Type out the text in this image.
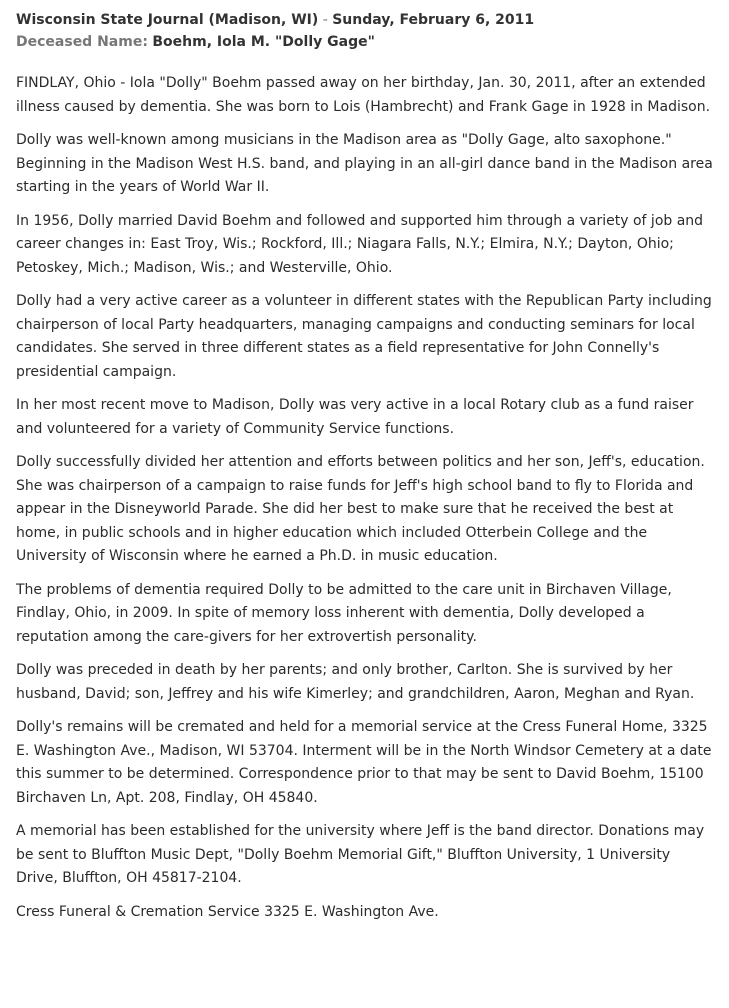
Wisconsin State Journal (Madison, WI) - Sunday, February 6, 2011
Deceased Name: Boehm, Iola M. "Dolly Gage"

FINDLAY, Ohio - Iola "Dolly" Boehm passed away on her birthday, Jan. 30, 2011, after an extended illness caused by dementia. She was born to Lois (Hambrecht) and Frank Gage in 1928 in Madison.

Dolly was well-known among musicians in the Madison area as "Dolly Gage, alto saxophone." Beginning in the Madison West H.S. band, and playing in an all-girl dance band in the Madison area starting in the years of World War II.

In 1956, Dolly married David Boehm and followed and supported him through a variety of job and career changes in: East Troy, Wis.; Rockford, Ill.; Niagara Falls, N.Y.; Elmira, N.Y.; Dayton, Ohio; Petoskey, Mich.; Madison, Wis.; and Westerville, Ohio.

Dolly had a very active career as a volunteer in different states with the Republican Party including chairperson of local Party headquarters, managing campaigns and conducting seminars for local candidates. She served in three different states as a field representative for John Connelly's presidential campaign.

In her most recent move to Madison, Dolly was very active in a local Rotary club as a fund raiser and volunteered for a variety of Community Service functions.

Dolly successfully divided her attention and efforts between politics and her son, Jeff's, education. She was chairperson of a campaign to raise funds for Jeff's high school band to fly to Florida and appear in the Disneyworld Parade. She did her best to make sure that he received the best at home, in public schools and in higher education which included Otterbein College and the University of Wisconsin where he earned a Ph.D. in music education.

The problems of dementia required Dolly to be admitted to the care unit in Birchaven Village, Findlay, Ohio, in 2009. In spite of memory loss inherent with dementia, Dolly developed a reputation among the care-givers for her extrovertish personality.

Dolly was preceded in death by her parents; and only brother, Carlton. She is survived by her husband, David; son, Jeffrey and his wife Kimerley; and grandchildren, Aaron, Meghan and Ryan.

Dolly's remains will be cremated and held for a memorial service at the Cress Funeral Home, 3325 E. Washington Ave., Madison, WI 53704. Interment will be in the North Windsor Cemetery at a date this summer to be determined. Correspondence prior to that may be sent to David Boehm, 15100 Birchaven Ln, Apt. 208, Findlay, OH 45840.

A memorial has been established for the university where Jeff is the band director. Donations may be sent to Bluffton Music Dept, "Dolly Boehm Memorial Gift," Bluffton University, 1 University Drive, Bluffton, OH 45817-2104.

Cress Funeral & Cremation Service 3325 E. Washington Ave.
